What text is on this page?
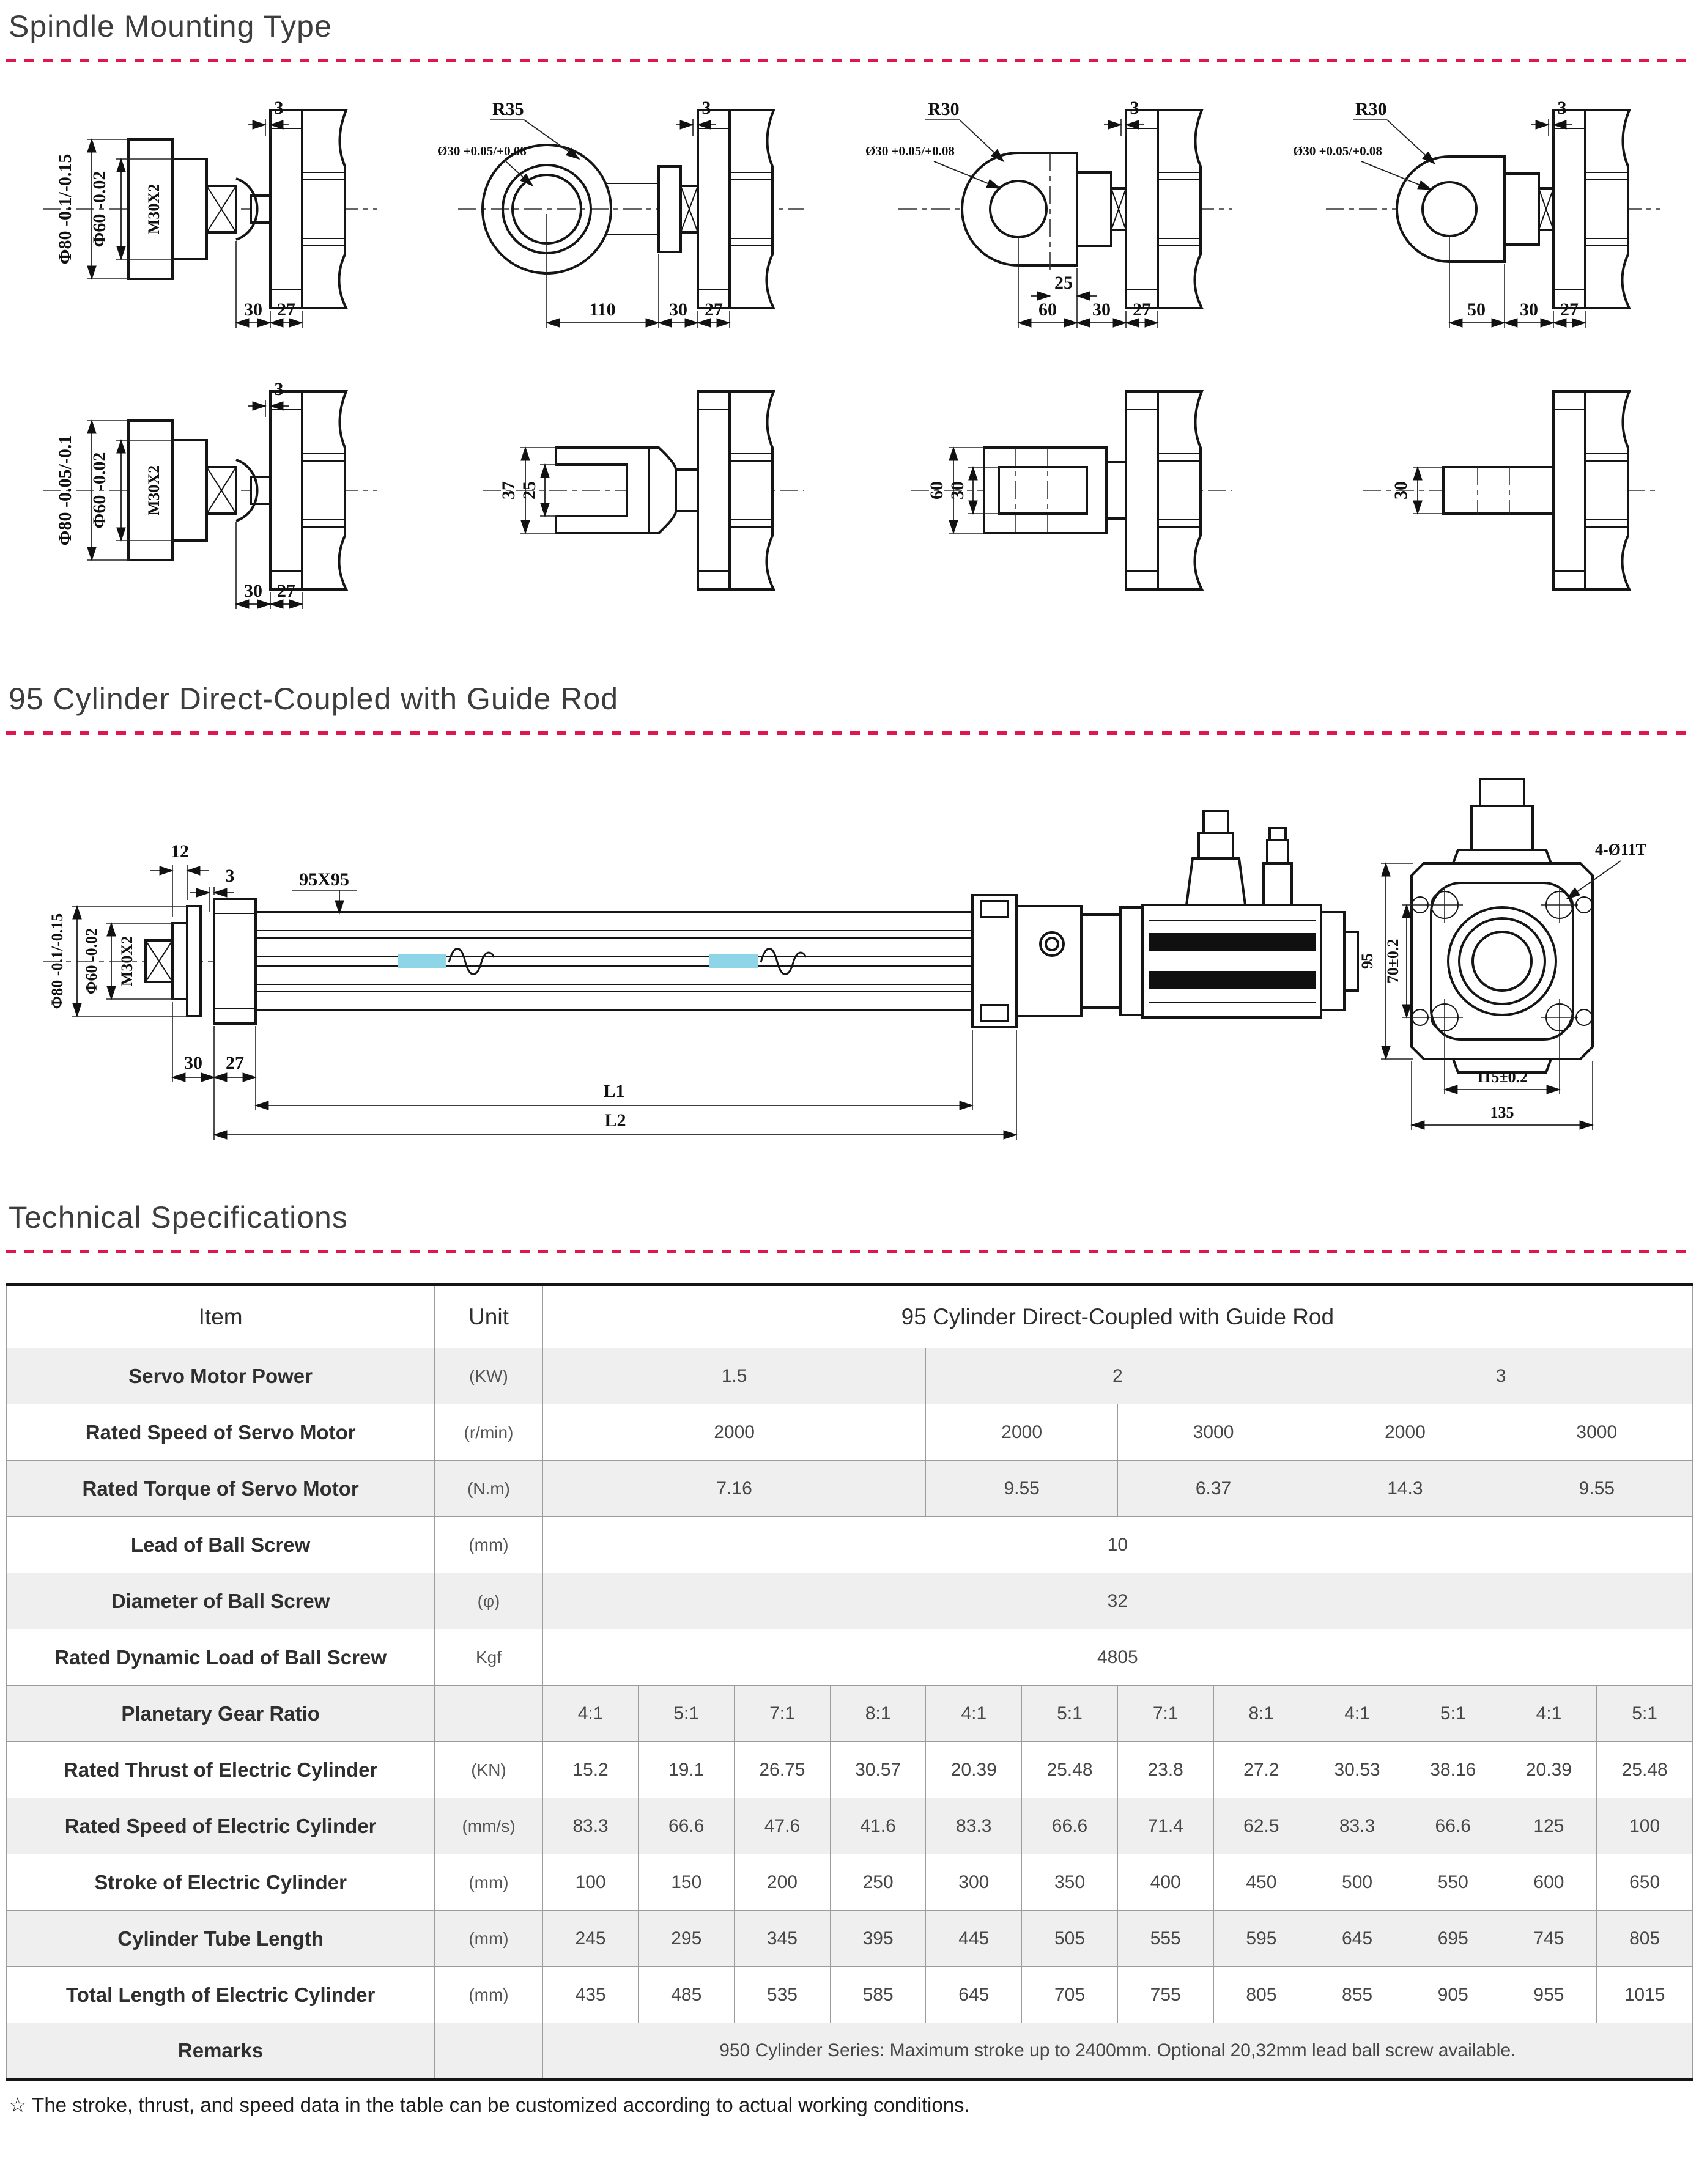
Spindle Mounting Type
Φ80 -0.1/-0.15 Φ60 -0.02 M30X2
3
30 27
R35
Ø30 +0.05/+0.08
3
110	30 27
R30
Ø30 +0.05/+0.08
3
25
60 30 27
R30
Ø30 +0.05/+0.08
3
50 30 27
Φ80 -0.05/-0.1 Φ60 -0.02 M30X2
3
30 27
37 25	60 30	30
95 Cylinder Direct-Coupled with Guide Rod
Φ80 -0.1/-0.15 Φ60 -0.02 M30X2
12
3	95X95
30 27
L1
L2
4-Ø11T
95 70±0.2
115±0.2
135
Technical Specifications
Item	Unit	95 Cylinder Direct-Coupled with Guide Rod											
Servo Motor Power	(KW)	1.5				2				3			
Rated Speed of Servo Motor	(r/min)	2000				2000		3000		2000		3000	
Rated Torque of Servo Motor	(N.m)	7.16				9.55		6.37		14.3		9.55	
Lead of Ball Screw	(mm)	10											
Diameter of Ball Screw	(φ)	32											
Rated Dynamic Load of Ball Screw	Kgf	4805											
Planetary Gear Ratio		4:1	5:1	7:1	8:1	4:1	5:1	7:1	8:1	4:1	5:1	4:1	5:1
Rated Thrust of Electric Cylinder	(KN)	15.2	19.1	26.75	30.57	20.39	25.48	23.8	27.2	30.53	38.16	20.39	25.48
Rated Speed of Electric Cylinder	(mm/s)	83.3	66.6	47.6	41.6	83.3	66.6	71.4	62.5	83.3	66.6	125	100
Stroke of Electric Cylinder	(mm)	100	150	200	250	300	350	400	450	500	550	600	650
Cylinder Tube Length	(mm)	245	295	345	395	445	505	555	595	645	695	745	805
Total Length of Electric Cylinder	(mm)	435	485	535	585	645	705	755	805	855	905	955	1015
Remarks		950 Cylinder Series: Maximum stroke up to 2400mm. Optional 20,32mm lead ball screw available.											
☆ The stroke, thrust, and speed data in the table can be customized according to actual working conditions.
